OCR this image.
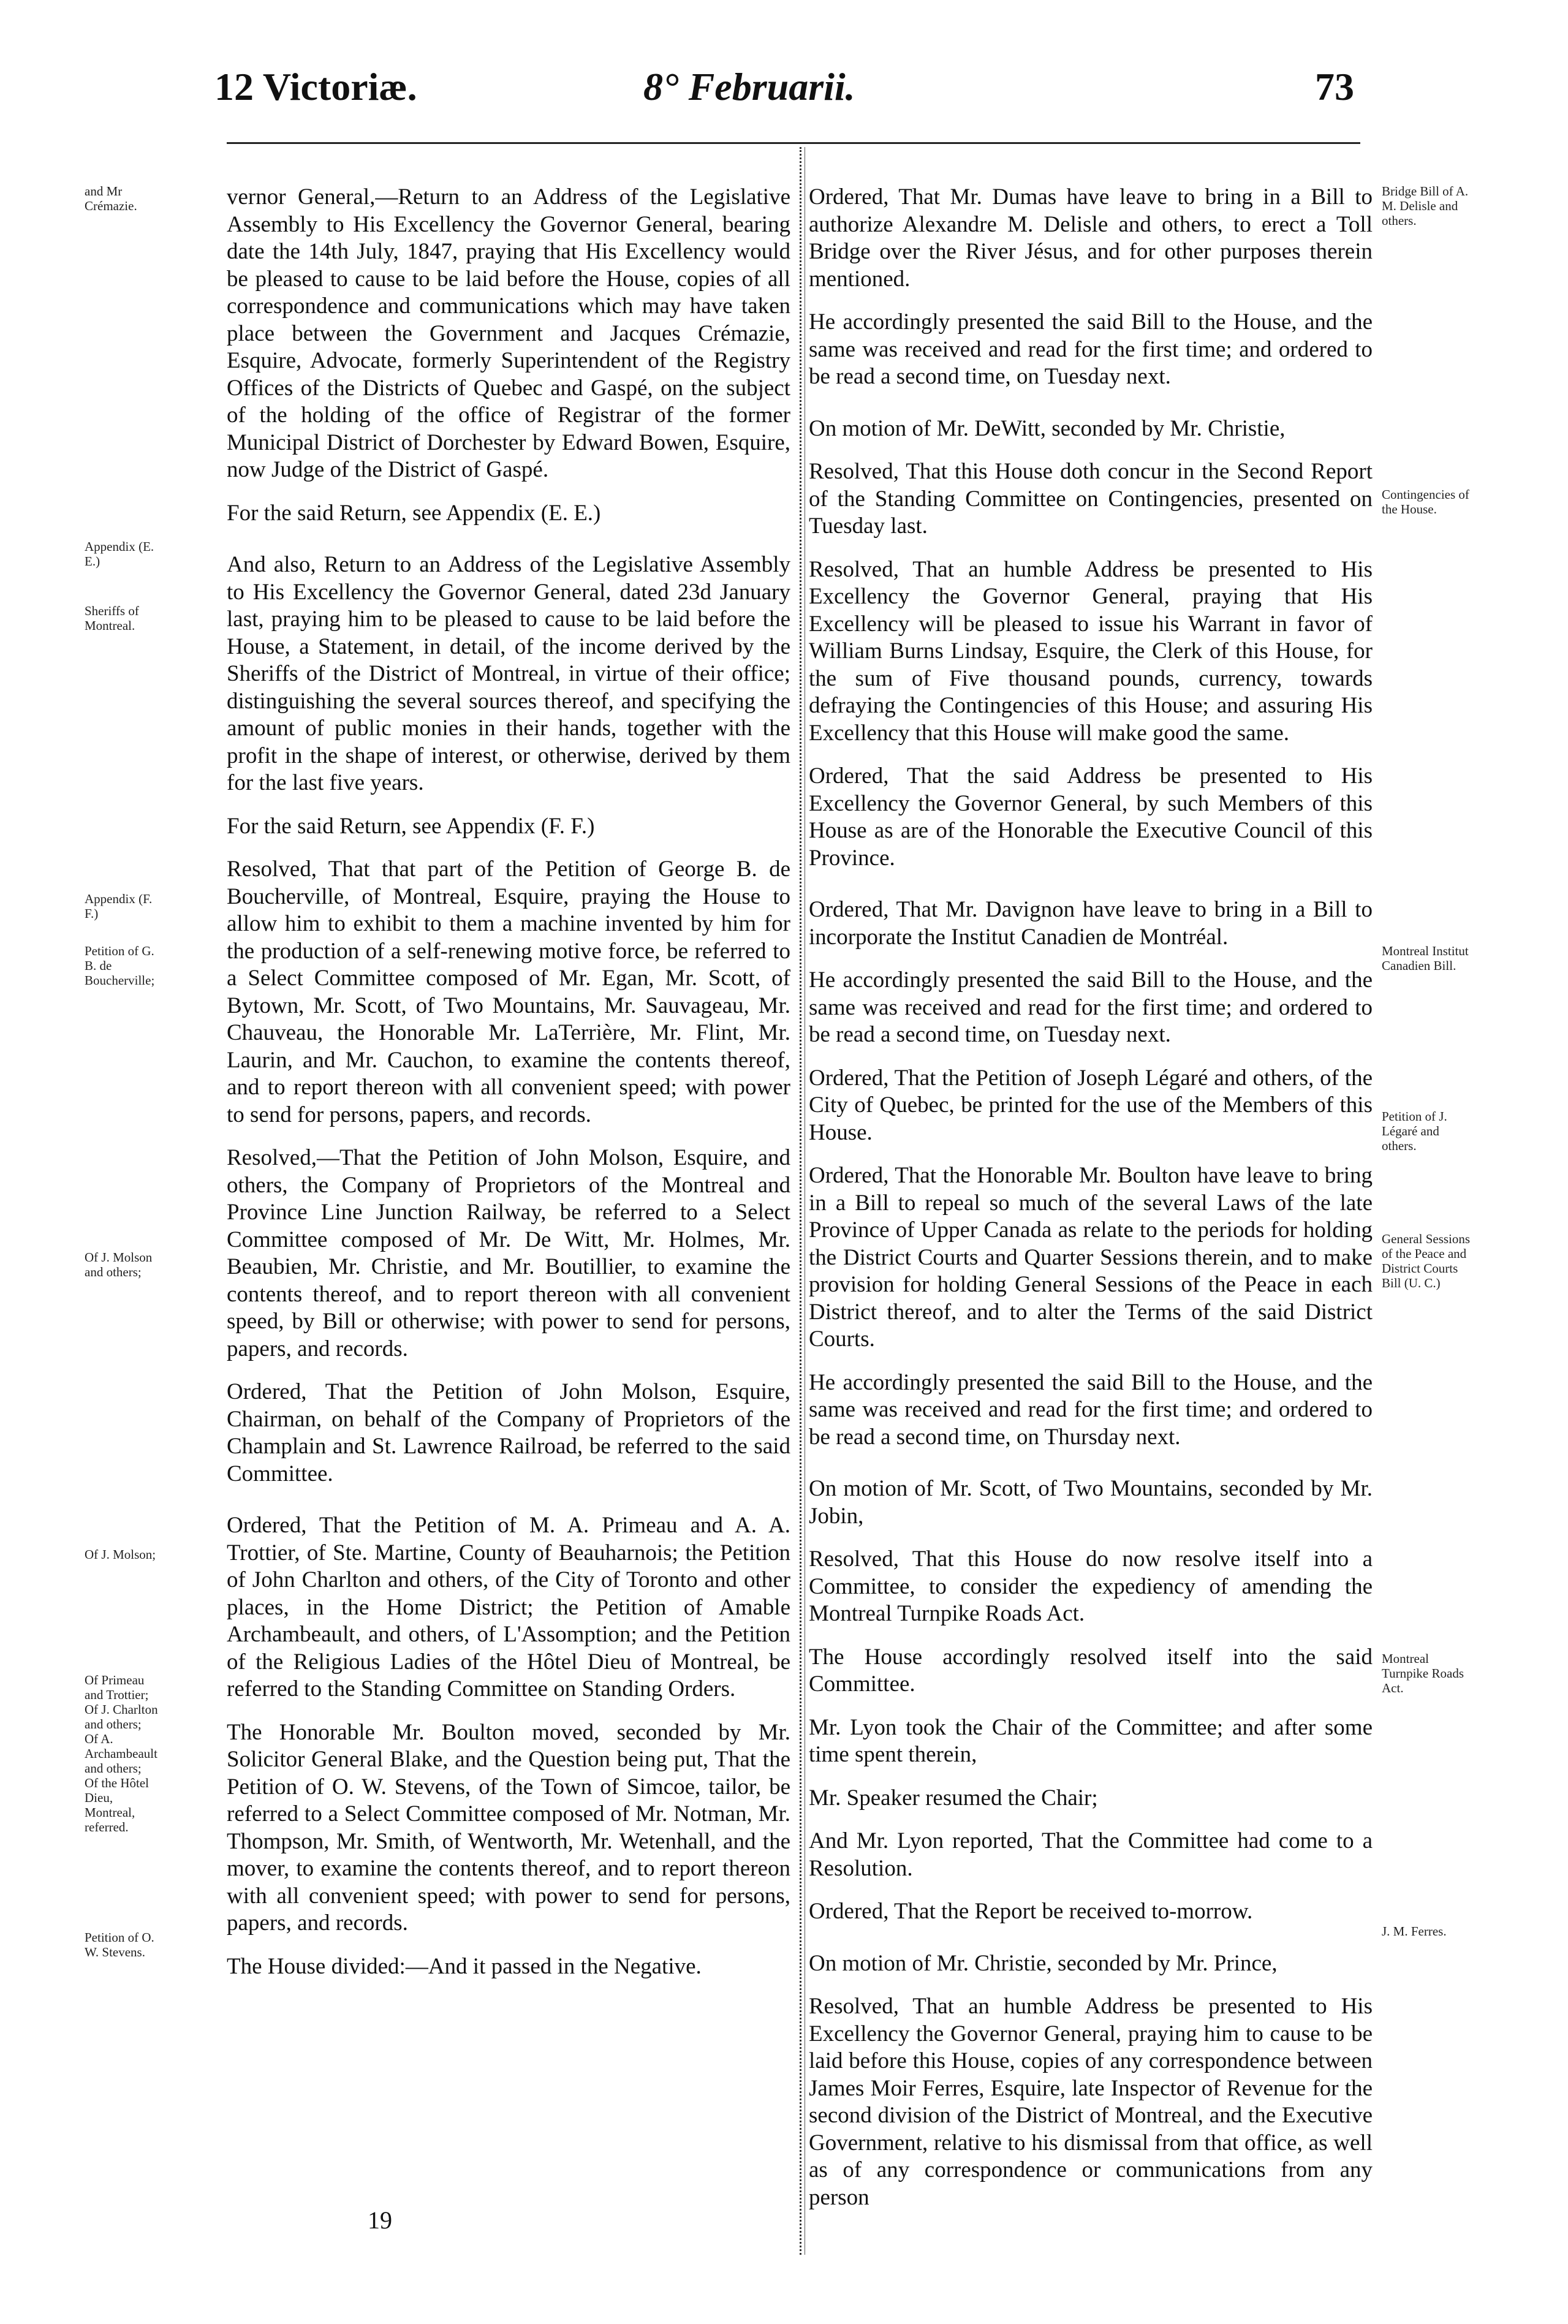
12 Victoriæ.	8° Februarii.	73
and Mr Crémazie.
Appendix (E. E.)
Sheriffs of Montreal.
Appendix (F. F.)
Petition of G. B. de Boucherville;
Of J. Molson and others;
Of J. Molson;
Of Primeau and Trottier; Of J. Charlton and others; Of A. Archambeault and others; Of the Hôtel Dieu, Montreal, referred.
Petition of O. W. Stevens.
Bridge Bill of A. M. Delisle and others.
Contingencies of the House.
Montreal Institut Canadien Bill.
Petition of J. Légaré and others.
General Sessions of the Peace and District Courts Bill (U. C.)
Montreal Turnpike Roads Act.
J. M. Ferres.

vernor General,—Return to an Address of the Legislative Assembly to His Excellency the Governor General, bearing date the 14th July, 1847, praying that His Excellency would be pleased to cause to be laid before the House, copies of all correspondence and communications which may have taken place between the Government and Jacques Crémazie, Esquire, Advocate, formerly Superintendent of the Registry Offices of the Districts of Quebec and Gaspé, on the subject of the holding of the office of Registrar of the former Municipal District of Dorchester by Edward Bowen, Esquire, now Judge of the District of Gaspé.

For the said Return, see Appendix (E. E.)

And also, Return to an Address of the Legislative Assembly to His Excellency the Governor General, dated 23d January last, praying him to be pleased to cause to be laid before the House, a Statement, in detail, of the income derived by the Sheriffs of the District of Montreal, in virtue of their office; distinguishing the several sources thereof, and specifying the amount of public monies in their hands, together with the profit in the shape of interest, or otherwise, derived by them for the last five years.

For the said Return, see Appendix (F. F.)

Resolved, That that part of the Petition of George B. de Boucherville, of Montreal, Esquire, praying the House to allow him to exhibit to them a machine invented by him for the production of a self-renewing motive force, be referred to a Select Committee composed of Mr. Egan, Mr. Scott, of Bytown, Mr. Scott, of Two Mountains, Mr. Sauvageau, Mr. Chauveau, the Honorable Mr. LaTerrière, Mr. Flint, Mr. Laurin, and Mr. Cauchon, to examine the contents thereof, and to report thereon with all convenient speed; with power to send for persons, papers, and records.

Resolved,—That the Petition of John Molson, Esquire, and others, the Company of Proprietors of the Montreal and Province Line Junction Railway, be referred to a Select Committee composed of Mr. De Witt, Mr. Holmes, Mr. Beaubien, Mr. Christie, and Mr. Boutillier, to examine the contents thereof, and to report thereon with all convenient speed, by Bill or otherwise; with power to send for persons, papers, and records.

Ordered, That the Petition of John Molson, Esquire, Chairman, on behalf of the Company of Proprietors of the Champlain and St. Lawrence Railroad, be referred to the said Committee.

Ordered, That the Petition of M. A. Primeau and A. A. Trottier, of Ste. Martine, County of Beauharnois; the Petition of John Charlton and others, of the City of Toronto and other places, in the Home District; the Petition of Amable Archambeault, and others, of L'Assomption; and the Petition of the Religious Ladies of the Hôtel Dieu of Montreal, be referred to the Standing Committee on Standing Orders.

The Honorable Mr. Boulton moved, seconded by Mr. Solicitor General Blake, and the Question being put, That the Petition of O. W. Stevens, of the Town of Simcoe, tailor, be referred to a Select Committee composed of Mr. Notman, Mr. Thompson, Mr. Smith, of Wentworth, Mr. Wetenhall, and the mover, to examine the contents thereof, and to report thereon with all convenient speed; with power to send for persons, papers, and records.

The House divided:—And it passed in the Negative.

Ordered, That Mr. Dumas have leave to bring in a Bill to authorize Alexandre M. Delisle and others, to erect a Toll Bridge over the River Jésus, and for other purposes therein mentioned.

He accordingly presented the said Bill to the House, and the same was received and read for the first time; and ordered to be read a second time, on Tuesday next.

On motion of Mr. DeWitt, seconded by Mr. Christie,

Resolved, That this House doth concur in the Second Report of the Standing Committee on Contingencies, presented on Tuesday last.

Resolved, That an humble Address be presented to His Excellency the Governor General, praying that His Excellency will be pleased to issue his Warrant in favor of William Burns Lindsay, Esquire, the Clerk of this House, for the sum of Five thousand pounds, currency, towards defraying the Contingencies of this House; and assuring His Excellency that this House will make good the same.

Ordered, That the said Address be presented to His Excellency the Governor General, by such Members of this House as are of the Honorable the Executive Council of this Province.

Ordered, That Mr. Davignon have leave to bring in a Bill to incorporate the Institut Canadien de Montréal.

He accordingly presented the said Bill to the House, and the same was received and read for the first time; and ordered to be read a second time, on Tuesday next.

Ordered, That the Petition of Joseph Légaré and others, of the City of Quebec, be printed for the use of the Members of this House.

Ordered, That the Honorable Mr. Boulton have leave to bring in a Bill to repeal so much of the several Laws of the late Province of Upper Canada as relate to the periods for holding the District Courts and Quarter Sessions therein, and to make provision for holding General Sessions of the Peace in each District thereof, and to alter the Terms of the said District Courts.

He accordingly presented the said Bill to the House, and the same was received and read for the first time; and ordered to be read a second time, on Thursday next.

On motion of Mr. Scott, of Two Mountains, seconded by Mr. Jobin,

Resolved, That this House do now resolve itself into a Committee, to consider the expediency of amending the Montreal Turnpike Roads Act.

The House accordingly resolved itself into the said Committee.

Mr. Lyon took the Chair of the Committee; and after some time spent therein,

Mr. Speaker resumed the Chair;

And Mr. Lyon reported, That the Committee had come to a Resolution.

Ordered, That the Report be received to-morrow.

On motion of Mr. Christie, seconded by Mr. Prince,

Resolved, That an humble Address be presented to His Excellency the Governor General, praying him to cause to be laid before this House, copies of any correspondence between James Moir Ferres, Esquire, late Inspector of Revenue for the second division of the District of Montreal, and the Executive Government, relative to his dismissal from that office, as well as of any correspondence or communications from any person

19
